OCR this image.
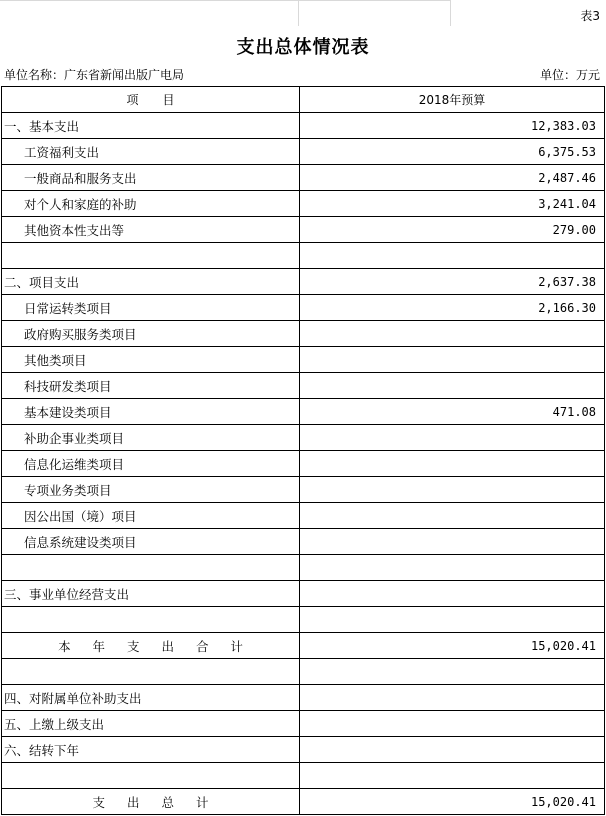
表3
支出总体情况表
单位名称：广东省新闻出版广电局	单位：万元
项　　目	2018年预算
一、基本支出	12,383.03
工资福利支出	6,375.53
一般商品和服务支出	2,487.46
对个人和家庭的补助	3,241.04
其他资本性支出等	279.00

二、项目支出	2,637.38
日常运转类项目	2,166.30
政府购买服务类项目	
其他类项目	
科技研发类项目	
基本建设类项目	471.08
补助企事业类项目	
信息化运维类项目	
专项业务类项目	
因公出国（境）项目	
信息系统建设类项目	

三、事业单位经营支出	

本 年 支 出 合 计	15,020.41

四、对附属单位补助支出	
五、上缴上级支出	
六、结转下年	

支 出 总 计	15,020.41
